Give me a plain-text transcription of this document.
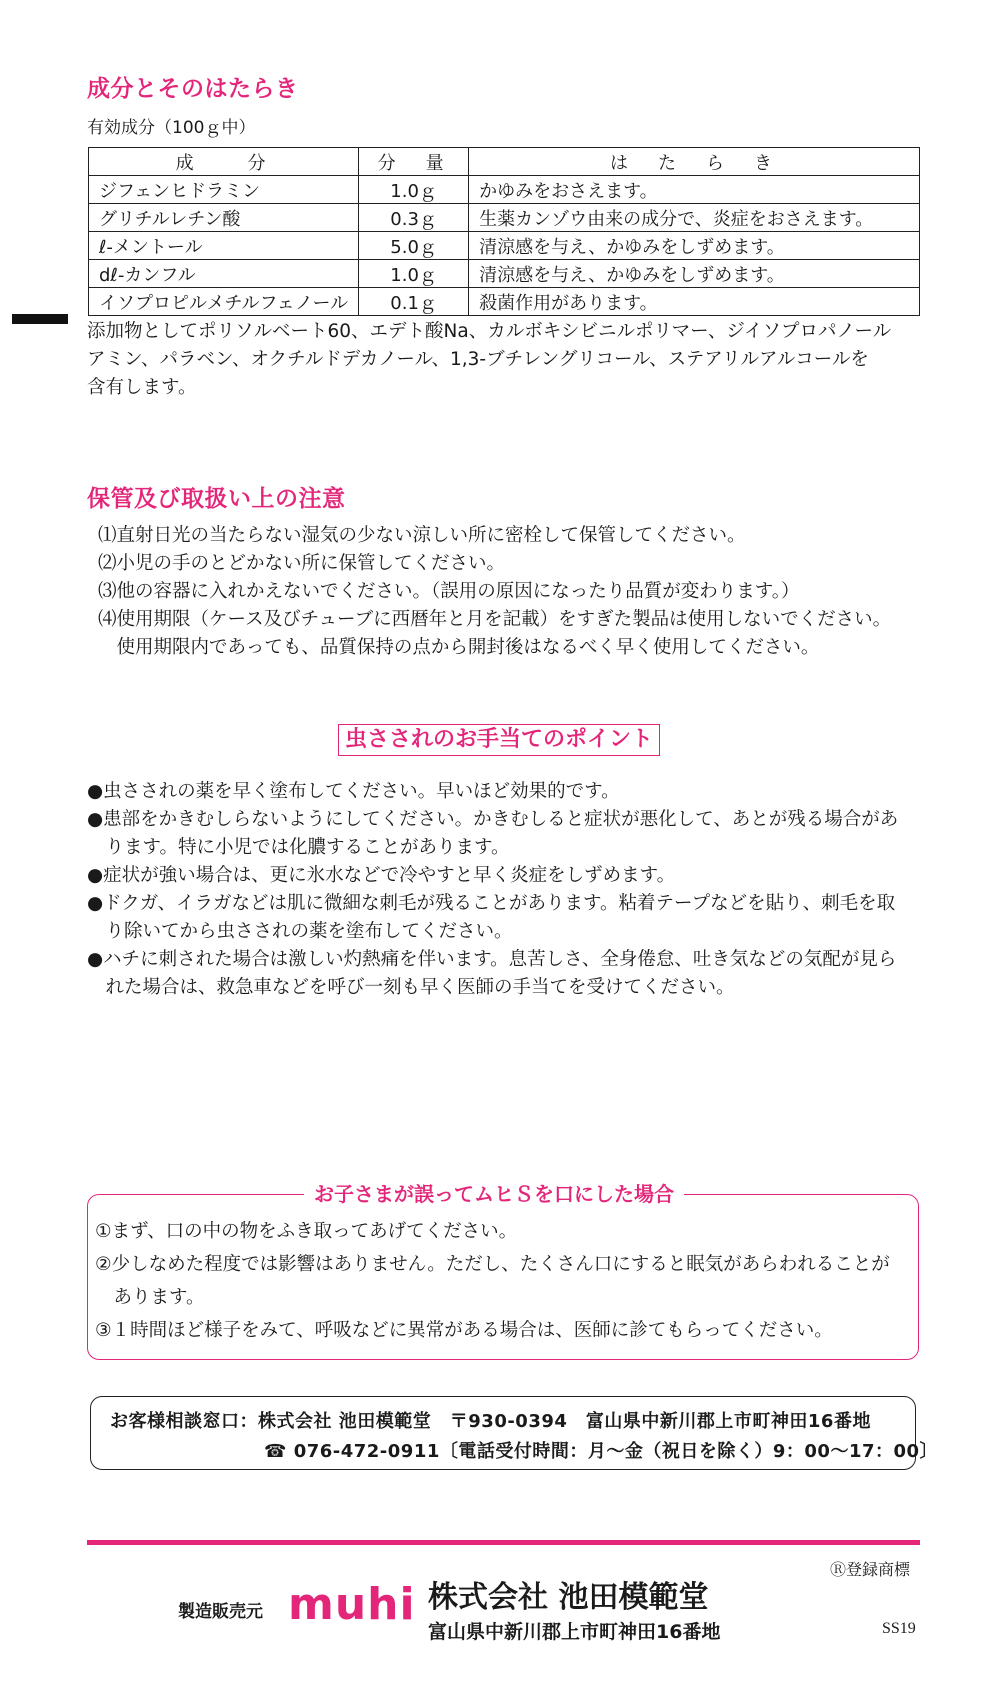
成分とそのはたらき
有効成分（100ｇ中）
成　　分	分　量	は　た　ら　き
ジフェンヒドラミン	1.0ｇ	かゆみをおさえます。
グリチルレチン酸	0.3ｇ	生薬カンゾウ由来の成分で、炎症をおさえます。
ℓ-メントール	5.0ｇ	清涼感を与え、かゆみをしずめます。
dℓ-カンフル	1.0ｇ	清涼感を与え、かゆみをしずめます。
イソプロピルメチルフェノール	0.1ｇ	殺菌作用があります。
添加物としてポリソルベート60、エデト酸Na、カルボキシビニルポリマー、ジイソプロパノール
アミン、パラベン、オクチルドデカノール、1,3-ブチレングリコール、ステアリルアルコールを
含有します。
保管及び取扱い上の注意
⑴直射日光の当たらない湿気の少ない涼しい所に密栓して保管してください。
⑵小児の手のとどかない所に保管してください。
⑶他の容器に入れかえないでください。（誤用の原因になったり品質が変わります。）
⑷使用期限（ケース及びチューブに西暦年と月を記載）をすぎた製品は使用しないでください。
　使用期限内であっても、品質保持の点から開封後はなるべく早く使用してください。
虫さされのお手当てのポイント
●虫さされの薬を早く塗布してください。早いほど効果的です。
●患部をかきむしらないようにしてください。かきむしると症状が悪化して、あとが残る場合があ
　ります。特に小児では化膿することがあります。
●症状が強い場合は、更に氷水などで冷やすと早く炎症をしずめます。
●ドクガ、イラガなどは肌に微細な刺毛が残ることがあります。粘着テープなどを貼り、刺毛を取
　り除いてから虫さされの薬を塗布してください。
●ハチに刺された場合は激しい灼熱痛を伴います。息苦しさ、全身倦怠、吐き気などの気配が見ら
　れた場合は、救急車などを呼び一刻も早く医師の手当てを受けてください。
お子さまが誤ってムヒＳを口にした場合
①まず、口の中の物をふき取ってあげてください。
②少しなめた程度では影響はありません。ただし、たくさん口にすると眠気があらわれることが
　あります。
③１時間ほど様子をみて、呼吸などに異常がある場合は、医師に診てもらってください。
お客様相談窓口：株式会社 池田模範堂　〒930-0394　富山県中新川郡上市町神田16番地
☎ 076-472-0911〔電話受付時間：月～金（祝日を除く）9：00～17：00〕
Ⓡ登録商標
製造販売元 muhi 株式会社 池田模範堂
富山県中新川郡上市町神田16番地	SS19
